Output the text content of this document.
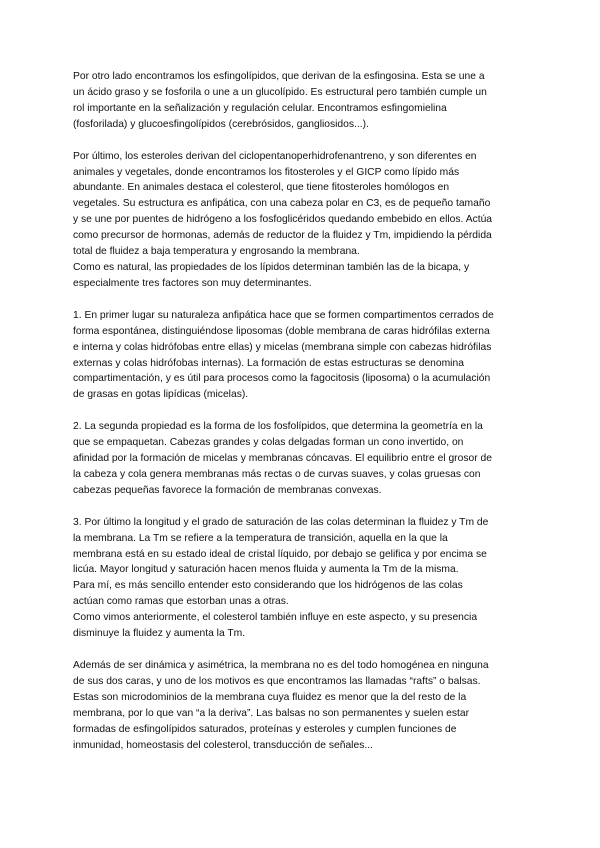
Por otro lado encontramos los esfingolípidos, que derivan de la esfingosina. Esta se une a
un ácido graso y se fosforila o une a un glucolípido. Es estructural pero también cumple un
rol importante en la señalización y regulación celular. Encontramos esfingomielina
(fosforilada) y glucoesfingolípidos (cerebrósidos, gangliosidos...).

Por último, los esteroles derivan del ciclopentanoperhidrofenantreno, y son diferentes en
animales y vegetales, donde encontramos los fitosteroles y el GICP como lípido más
abundante. En animales destaca el colesterol, que tiene fitosteroles homólogos en
vegetales. Su estructura es anfipática, con una cabeza polar en C3, es de pequeño tamaño
y se une por puentes de hidrógeno a los fosfoglicéridos quedando embebido en ellos. Actúa
como precursor de hormonas, además de reductor de la fluidez y Tm, impidiendo la pérdida
total de fluidez a baja temperatura y engrosando la membrana.
Como es natural, las propiedades de los lípidos determinan también las de la bicapa, y
especialmente tres factores son muy determinantes.

1. En primer lugar su naturaleza anfipática hace que se formen compartimentos cerrados de
forma espontánea, distinguiéndose liposomas (doble membrana de caras hidrófilas externa
e interna y colas hidrófobas entre ellas) y micelas (membrana simple con cabezas hidrófilas
externas y colas hidrófobas internas). La formación de estas estructuras se denomina
compartimentación, y es útil para procesos como la fagocitosis (liposoma) o la acumulación
de grasas en gotas lipídicas (micelas).

2. La segunda propiedad es la forma de los fosfolípidos, que determina la geometría en la
que se empaquetan. Cabezas grandes y colas delgadas forman un cono invertido, on
afinidad por la formación de micelas y membranas cóncavas. El equilibrio entre el grosor de
la cabeza y cola genera membranas más rectas o de curvas suaves, y colas gruesas con
cabezas pequeñas favorece la formación de membranas convexas.

3. Por último la longitud y el grado de saturación de las colas determinan la fluidez y Tm de
la membrana. La Tm se refiere a la temperatura de transición, aquella en la que la
membrana está en su estado ideal de cristal líquido, por debajo se gelifica y por encima se
licúa. Mayor longitud y saturación hacen menos fluida y aumenta la Tm de la misma.
Para mí, es más sencillo entender esto considerando que los hidrógenos de las colas
actúan como ramas que estorban unas a otras.
Como vimos anteriormente, el colesterol también influye en este aspecto, y su presencia
disminuye la fluidez y aumenta la Tm.

Además de ser dinámica y asimétrica, la membrana no es del todo homogénea en ninguna
de sus dos caras, y uno de los motivos es que encontramos las llamadas “rafts” o balsas.
Estas son microdominios de la membrana cuya fluidez es menor que la del resto de la
membrana, por lo que van “a la deriva”. Las balsas no son permanentes y suelen estar
formadas de esfingolípidos saturados, proteínas y esteroles y cumplen funciones de
inmunidad, homeostasis del colesterol, transducción de señales...
